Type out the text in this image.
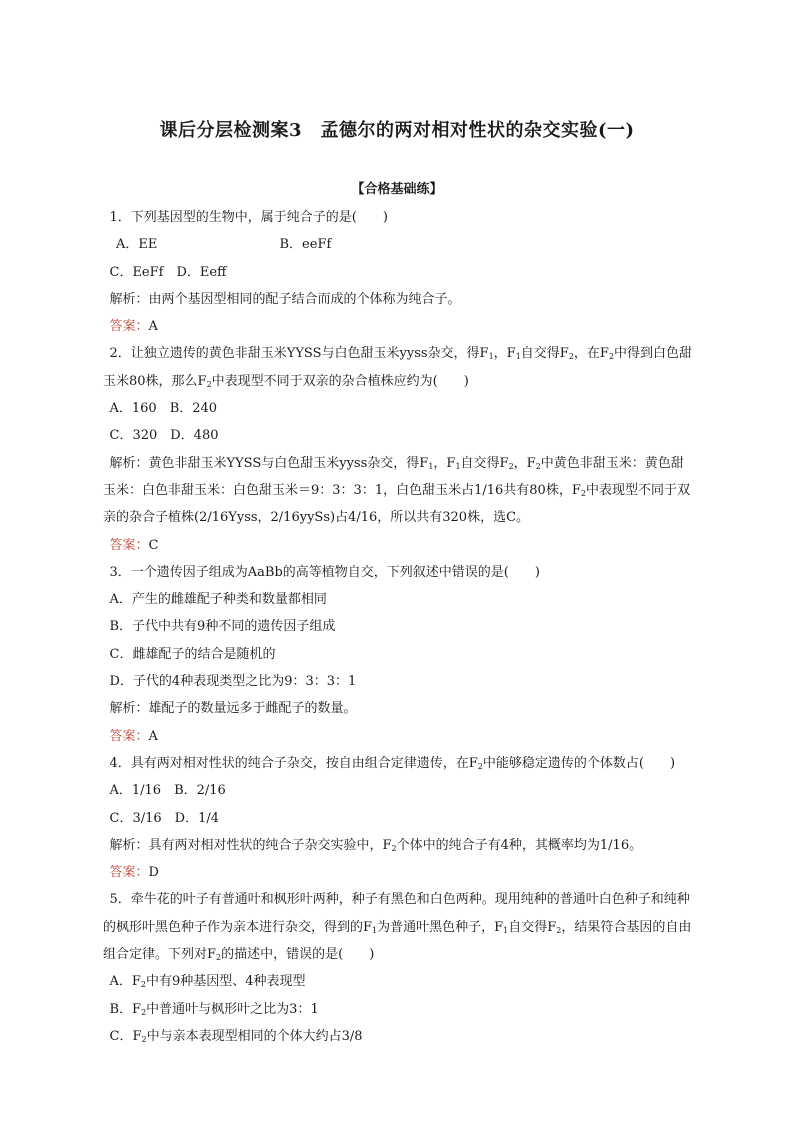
课后分层检测案3　孟德尔的两对相对性状的杂交实验(一)
【合格基础练】

1．下列基因型的生物中，属于纯合子的是(　　)

A．EE	B．eeFf

C．EeFf　D．Eeff

解析：由两个基因型相同的配子结合而成的个体称为纯合子。

答案：A

2．让独立遗传的黄色非甜玉米YYSS与白色甜玉米yyss杂交，得$F_1$，$F_1$自交得$F_2$，在$F_2$中得到白色甜玉米80株，那么$F_2$中表现型不同于双亲的杂合植株应约为(　　)

A．160　B．240

C．320　D．480

解析：黄色非甜玉米YYSS与白色甜玉米yyss杂交，得$F_1$，$F_1$自交得$F_2$，$F_2$中黄色非甜玉米：黄色甜玉米：白色非甜玉米：白色甜玉米＝9：3：3：1，白色甜玉米占1/16共有80株，$F_2$中表现型不同于双亲的杂合子植株(2/16Yyss，2/16yySs)占4/16，所以共有320株，选C。

答案：C

3．一个遗传因子组成为AaBb的高等植物自交，下列叙述中错误的是(　　)

A．产生的雌雄配子种类和数量都相同

B．子代中共有9种不同的遗传因子组成

C．雌雄配子的结合是随机的

D．子代的4种表现类型之比为9：3：3：1

解析：雄配子的数量远多于雌配子的数量。

答案：A

4．具有两对相对性状的纯合子杂交，按自由组合定律遗传，在$F_2$中能够稳定遗传的个体数占(　　)

A．1/16　B．2/16

C．3/16　D．1/4

解析：具有两对相对性状的纯合子杂交实验中，$F_2$个体中的纯合子有4种，其概率均为1/16。

答案：D

5．牵牛花的叶子有普通叶和枫形叶两种，种子有黑色和白色两种。现用纯种的普通叶白色种子和纯种的枫形叶黑色种子作为亲本进行杂交，得到的$F_1$为普通叶黑色种子，$F_1$自交得$F_2$，结果符合基因的自由组合定律。下列对$F_2$的描述中，错误的是(　　)

A．$F_2$中有9种基因型、4种表现型

B．$F_2$中普通叶与枫形叶之比为3：1

C．$F_2$中与亲本表现型相同的个体大约占3/8
